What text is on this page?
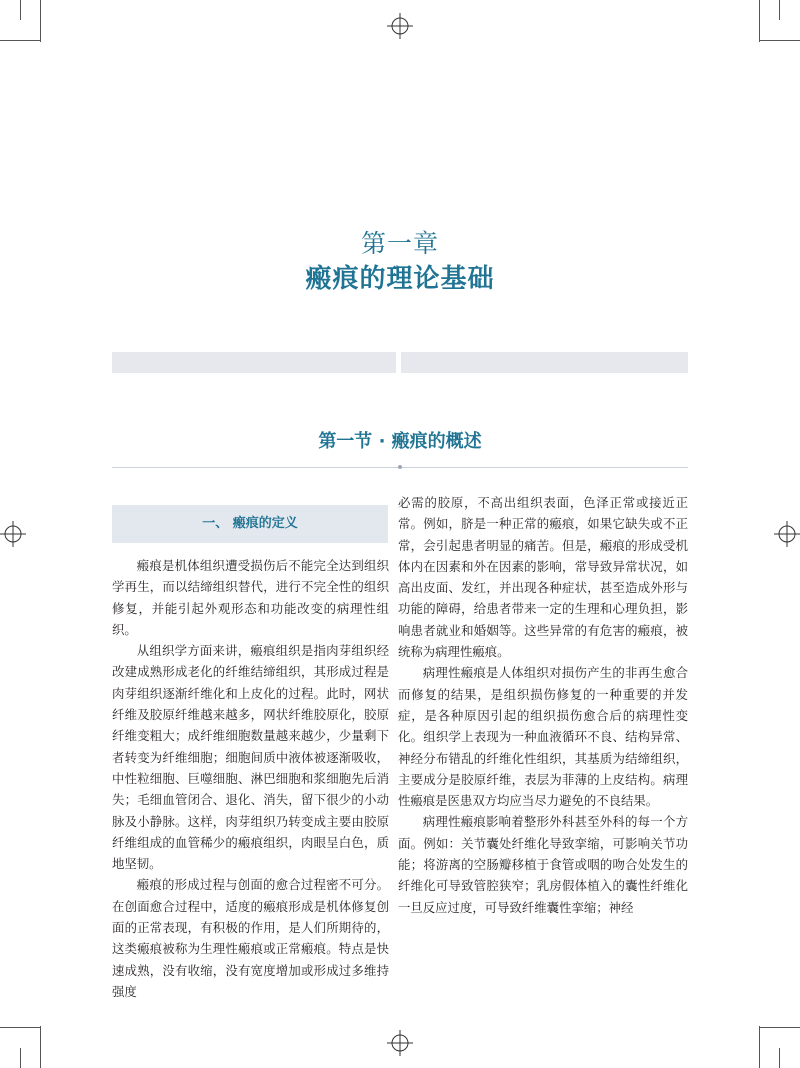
第一章
瘢痕的理论基础
第一节 · 瘢痕的概述
一、 瘢痕的定义

瘢痕是机体组织遭受损伤后不能完全达到组织学再生，而以结缔组织替代，进行不完全性的组织修复，并能引起外观形态和功能改变的病理性组织。

从组织学方面来讲，瘢痕组织是指肉芽组织经改建成熟形成老化的纤维结缔组织，其形成过程是肉芽组织逐渐纤维化和上皮化的过程。此时，网状纤维及胶原纤维越来越多，网状纤维胶原化，胶原纤维变粗大；成纤维细胞数量越来越少，少量剩下者转变为纤维细胞；细胞间质中液体被逐渐吸收，中性粒细胞、巨噬细胞、淋巴细胞和浆细胞先后消失；毛细血管闭合、退化、消失，留下很少的小动脉及小静脉。这样，肉芽组织乃转变成主要由胶原纤维组成的血管稀少的瘢痕组织，肉眼呈白色，质地坚韧。

瘢痕的形成过程与创面的愈合过程密不可分。在创面愈合过程中，适度的瘢痕形成是机体修复创面的正常表现，有积极的作用，是人们所期待的，这类瘢痕被称为生理性瘢痕或正常瘢痕。特点是快速成熟，没有收缩，没有宽度增加或形成过多维持强度

必需的胶原，不高出组织表面，色泽正常或接近正常。例如，脐是一种正常的瘢痕，如果它缺失或不正常，会引起患者明显的痛苦。但是，瘢痕的形成受机体内在因素和外在因素的影响，常导致异常状况，如高出皮面、发红，并出现各种症状，甚至造成外形与功能的障碍，给患者带来一定的生理和心理负担，影响患者就业和婚姻等。这些异常的有危害的瘢痕，被统称为病理性瘢痕。

病理性瘢痕是人体组织对损伤产生的非再生愈合而修复的结果，是组织损伤修复的一种重要的并发症，是各种原因引起的组织损伤愈合后的病理性变化。组织学上表现为一种血液循环不良、结构异常、神经分布错乱的纤维化性组织，其基质为结缔组织，主要成分是胶原纤维，表层为菲薄的上皮结构。病理性瘢痕是医患双方均应当尽力避免的不良结果。

病理性瘢痕影响着整形外科甚至外科的每一个方面。例如：关节囊处纤维化导致挛缩，可影响关节功能；将游离的空肠瓣移植于食管或咽的吻合处发生的纤维化可导致管腔狭窄；乳房假体植入的囊性纤维化一旦反应过度，可导致纤维囊性挛缩；神经
